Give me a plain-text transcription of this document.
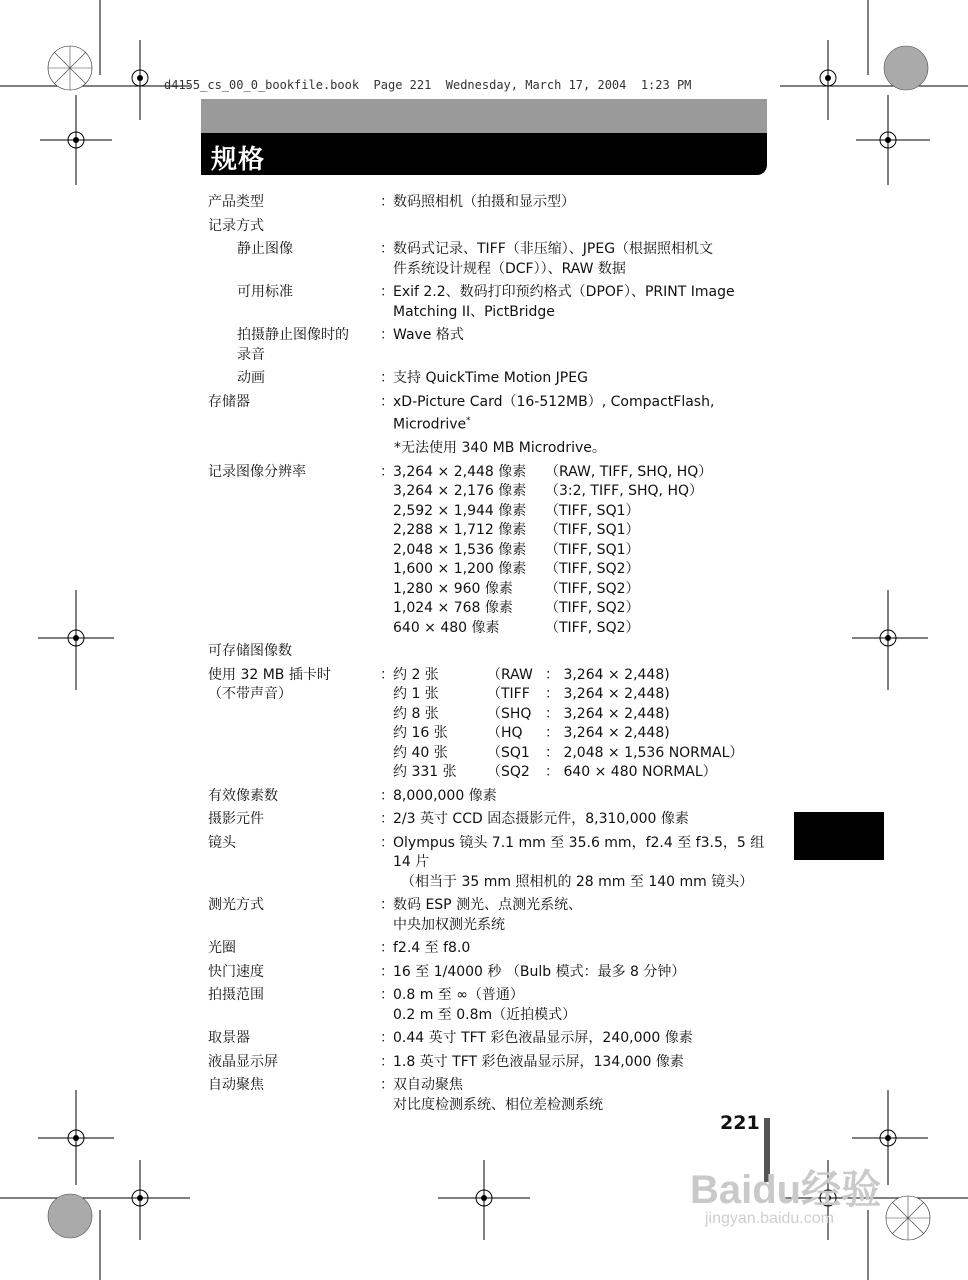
d4155_cs_00_0_bookfile.book  Page 221  Wednesday, March 17, 2004  1:23 PM
规格
产品类型	： 数码照相机（拍摄和显示型）
记录方式
静止图像	： 数码式记录、TIFF（非压缩）、JPEG（根据照相机文
件系统设计规程（DCF））、RAW 数据
可用标准	： Exif 2.2、数码打印预约格式（DPOF）、PRINT Image
Matching II、PictBridge
拍摄静止图像时的
录音
： Wave 格式
动画	： 支持 QuickTime Motion JPEG
存储器	： xD-Picture Card（16-512MB）, CompactFlash,
Microdrive*
*无法使用 340 MB Microdrive。
记录图像分辨率	： 3,264 × 2,448 像素	（RAW, TIFF, SHQ, HQ）
3,264 × 2,176 像素	（3:2, TIFF, SHQ, HQ）
2,592 × 1,944 像素	（TIFF, SQ1）
2,288 × 1,712 像素	（TIFF, SQ1）
2,048 × 1,536 像素	（TIFF, SQ1）
1,600 × 1,200 像素	（TIFF, SQ2）
1,280 × 960 像素	（TIFF, SQ2）
1,024 × 768 像素	（TIFF, SQ2）
640 × 480 像素	（TIFF, SQ2）
可存储图像数
使用 32 MB 插卡时
（不带声音）
： 约 2 张	（RAW ： 3,264 × 2,448)
约 1 张	（TIFF	： 3,264 × 2,448)
约 8 张	（SHQ ： 3,264 × 2,448)
约 16 张	（HQ	： 3,264 × 2,448)
约 40 张	（SQ1	： 2,048 × 1,536 NORMAL）
约 331 张	（SQ2	： 640 × 480 NORMAL）
有效像素数	： 8,000,000 像素
摄影元件	： 2/3 英寸 CCD 固态摄影元件，8,310,000 像素
镜头	： Olympus 镜头 7.1 mm 至 35.6 mm，f2.4 至 f3.5，5 组
14 片
（相当于 35 mm 照相机的 28 mm 至 140 mm 镜头）
测光方式	： 数码 ESP 测光、点测光系统、
中央加权测光系统
光圈	： f2.4 至 f8.0
快门速度	： 16 至 1/4000 秒 （Bulb 模式：最多 8 分钟）
拍摄范围	： 0.8 m 至 ∞（普通）
0.2 m 至 0.8m（近拍模式）
取景器	： 0.44 英寸 TFT 彩色液晶显示屏，240,000 像素
液晶显示屏	： 1.8 英寸 TFT 彩色液晶显示屏，134,000 像素
自动聚焦	： 双自动聚焦
对比度检测系统、相位差检测系统
221
Baidu经验
jingyan.baidu.com
